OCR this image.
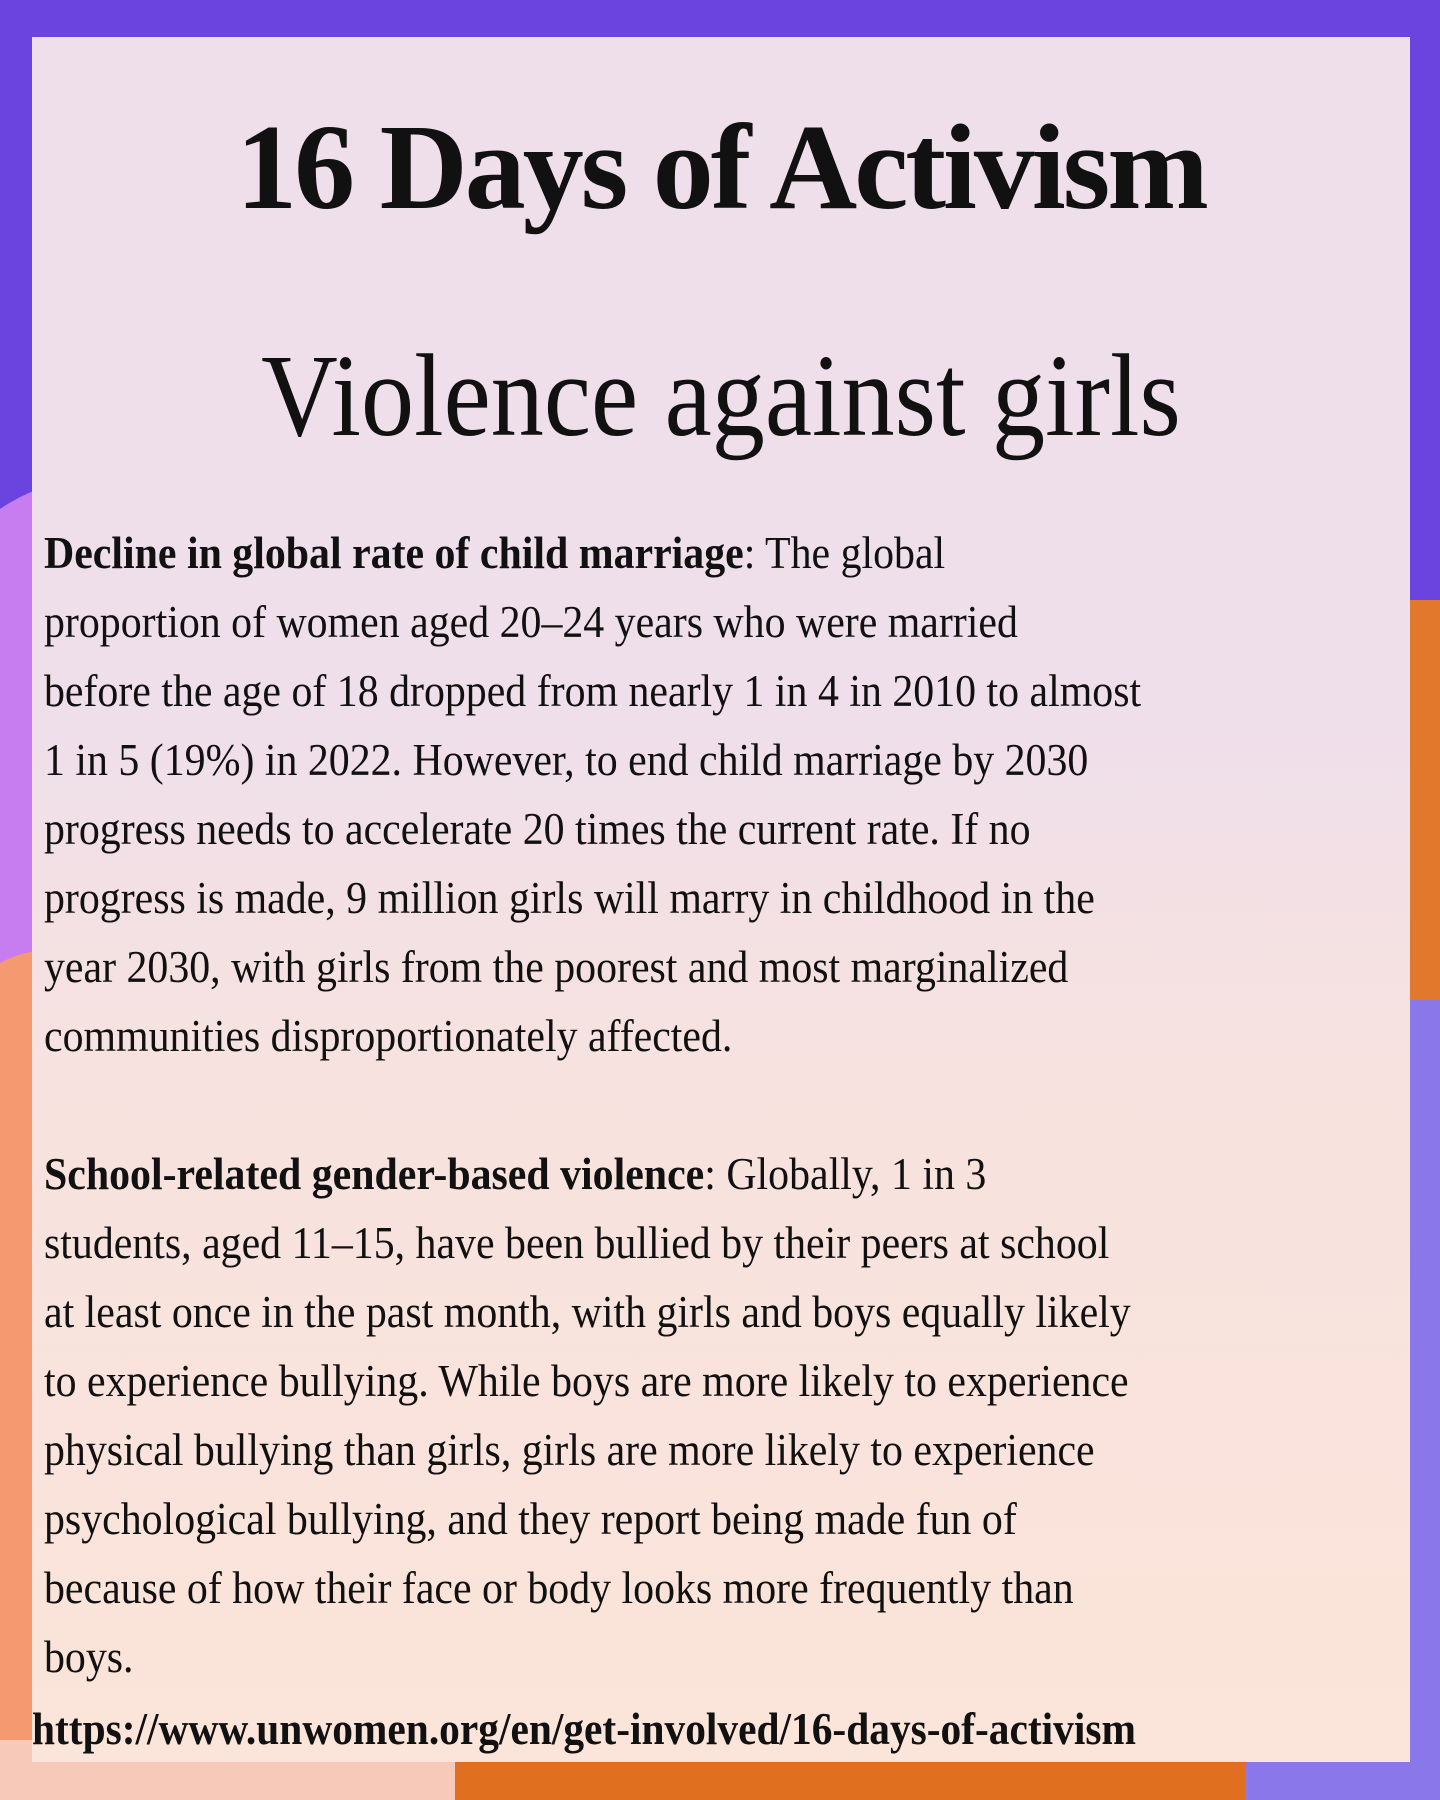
16 Days of Activism
Violence against girls
Decline in global rate of child marriage: The global
proportion of women aged 20–24 years who were married
before the age of 18 dropped from nearly 1 in 4 in 2010 to almost
1 in 5 (19%) in 2022. However, to end child marriage by 2030
progress needs to accelerate 20 times the current rate. If no
progress is made, 9 million girls will marry in childhood in the
year 2030, with girls from the poorest and most marginalized
communities disproportionately affected.
School-related gender-based violence: Globally, 1 in 3
students, aged 11–15, have been bullied by their peers at school
at least once in the past month, with girls and boys equally likely
to experience bullying. While boys are more likely to experience
physical bullying than girls, girls are more likely to experience
psychological bullying, and they report being made fun of
because of how their face or body looks more frequently than
boys.
https://www.unwomen.org/en/get-involved/16-days-of-activism
